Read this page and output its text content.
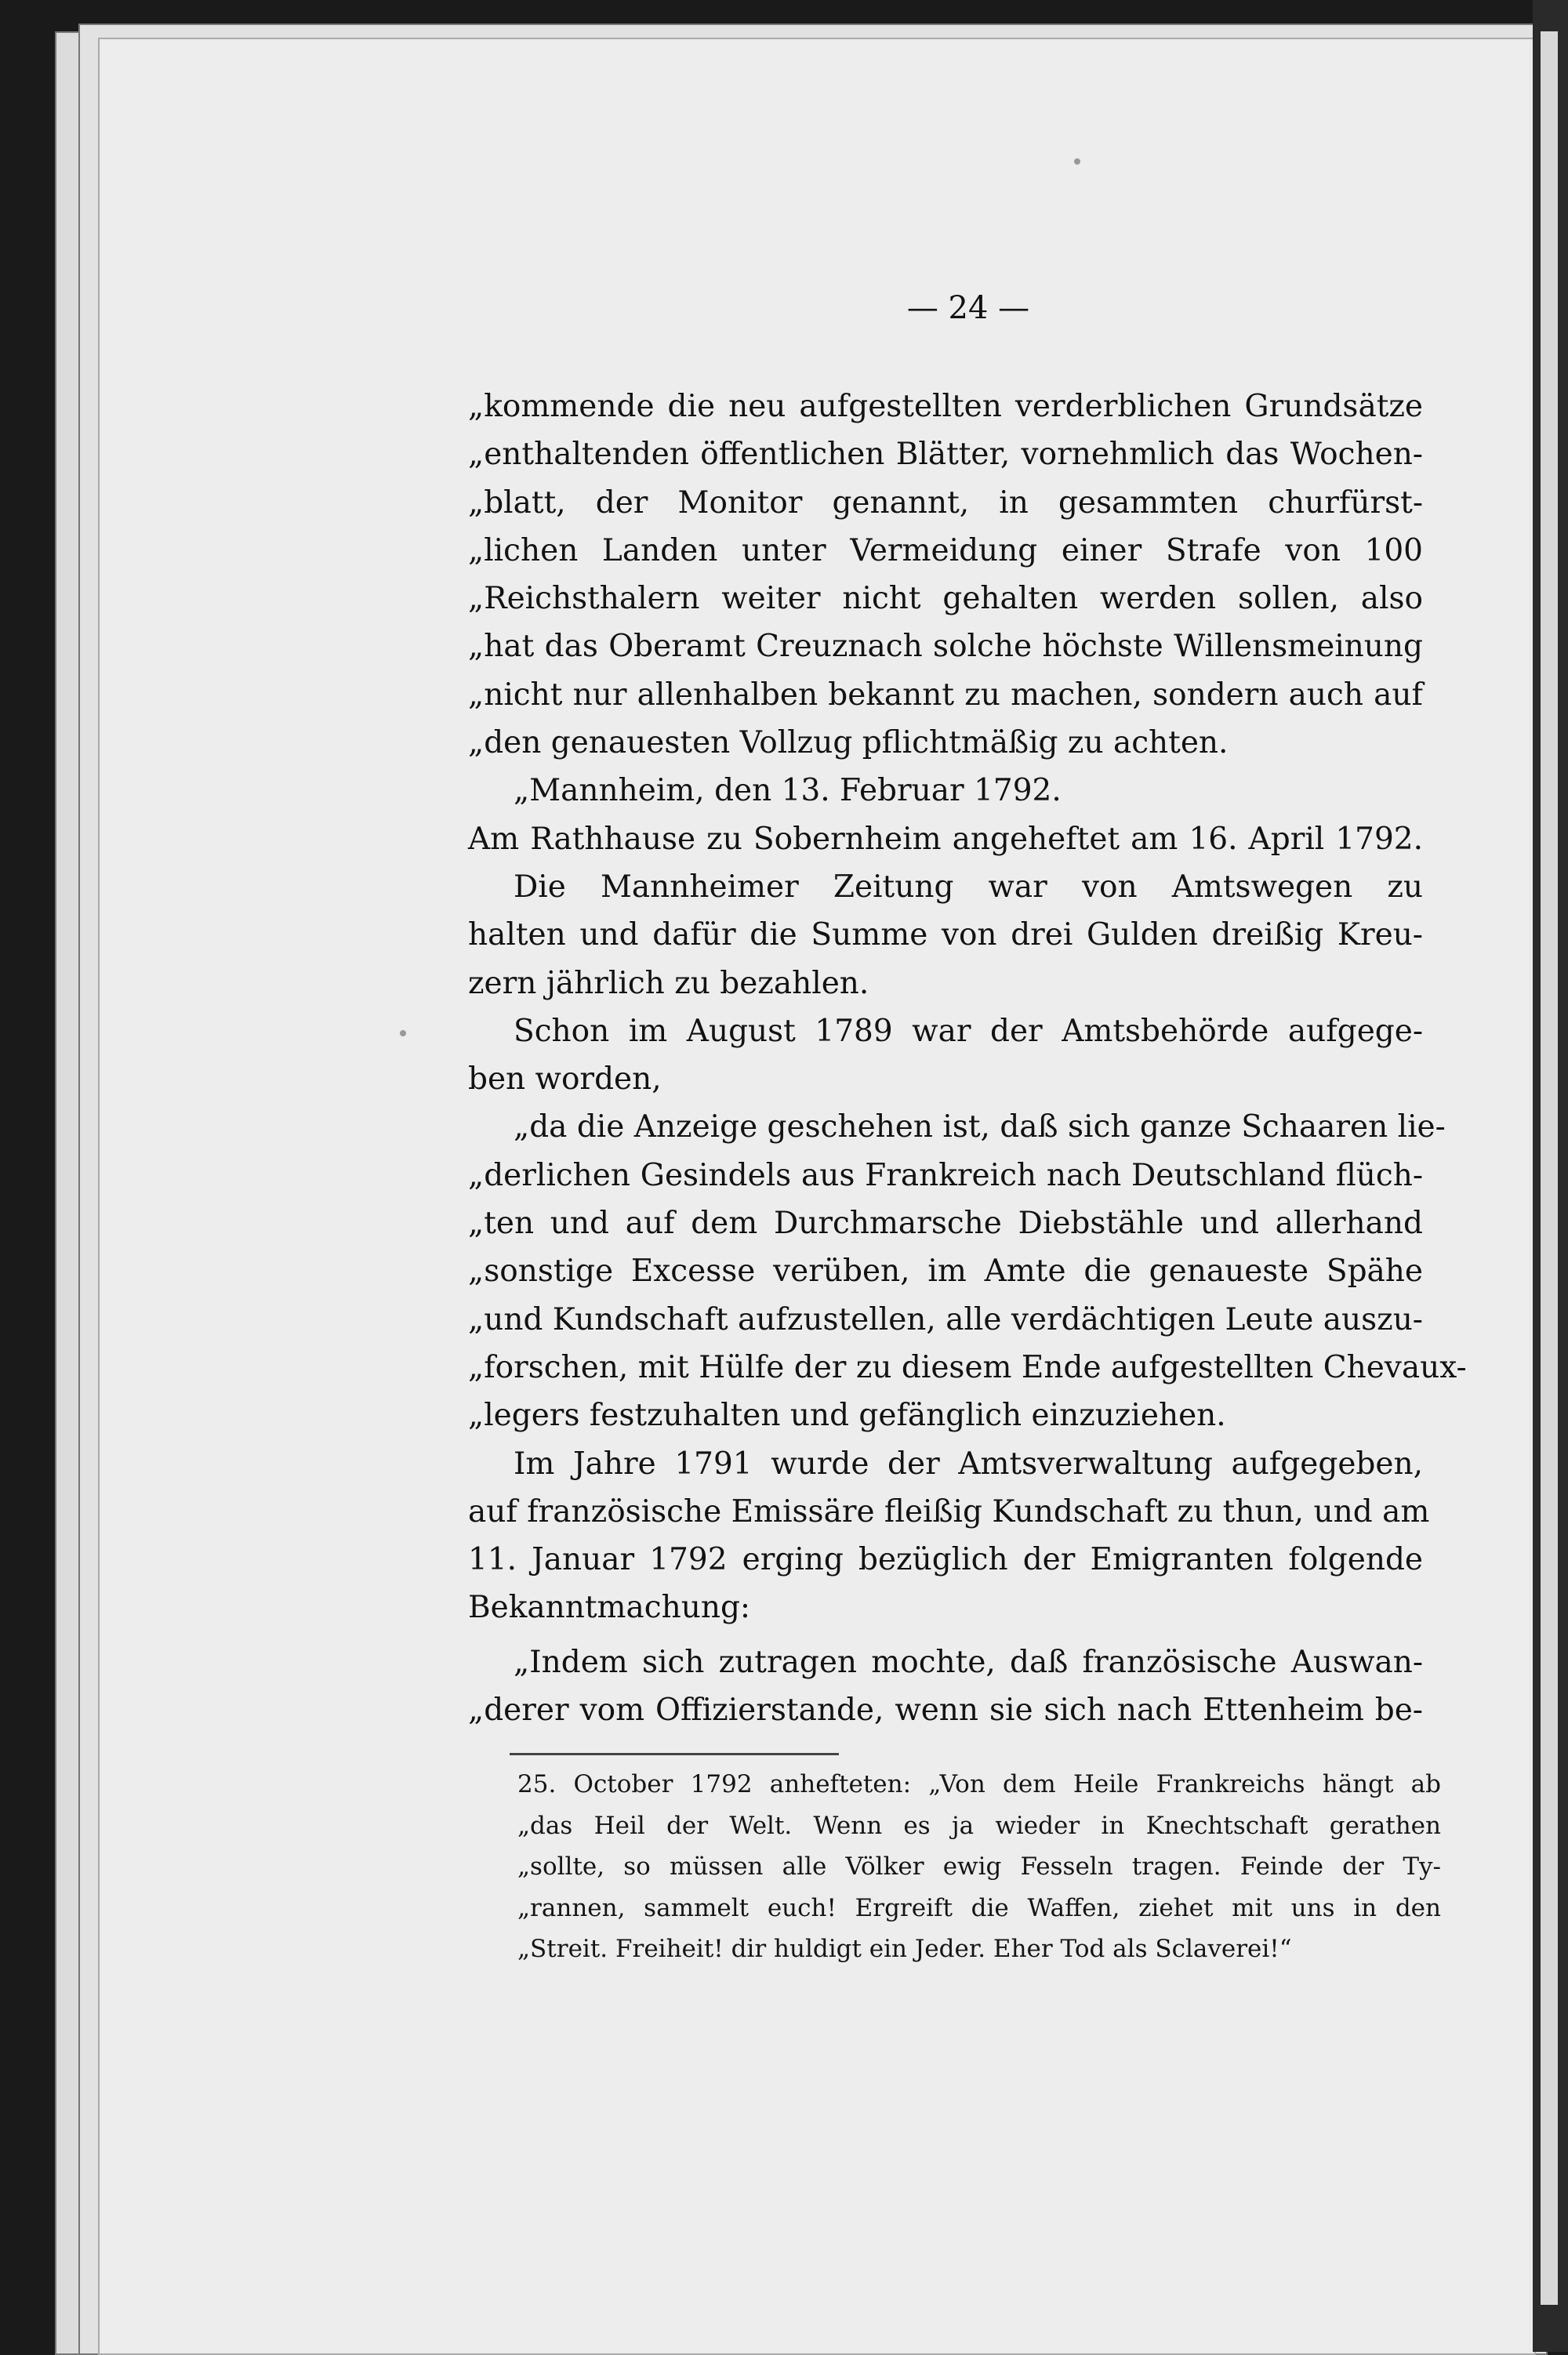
— 24 —
„kommende die neu aufgestellten verderblichen Grundsätze
„enthaltenden öffentlichen Blätter, vornehmlich das Wochen-
„blatt, der Monitor genannt, in gesammten churfürst-
„lichen Landen unter Vermeidung einer Strafe von 100
„Reichsthalern weiter nicht gehalten werden sollen, also
„hat das Oberamt Creuznach solche höchste Willensmeinung
„nicht nur allenhalben bekannt zu machen, sondern auch auf
„den genauesten Vollzug pflichtmäßig zu achten.
„Mannheim, den 13. Februar 1792.
Am Rathhause zu Sobernheim angeheftet am 16. April 1792.
Die Mannheimer Zeitung war von Amtswegen zu
halten und dafür die Summe von drei Gulden dreißig Kreu-
zern jährlich zu bezahlen.
Schon im August 1789 war der Amtsbehörde aufgege-
ben worden,
„da die Anzeige geschehen ist, daß sich ganze Schaaren lie-
„derlichen Gesindels aus Frankreich nach Deutschland flüch-
„ten und auf dem Durchmarsche Diebstähle und allerhand
„sonstige Excesse verüben, im Amte die genaueste Spähe
„und Kundschaft aufzustellen, alle verdächtigen Leute auszu-
„forschen, mit Hülfe der zu diesem Ende aufgestellten Chevaux-
„legers festzuhalten und gefänglich einzuziehen.
Im Jahre 1791 wurde der Amtsverwaltung aufgegeben,
auf französische Emissäre fleißig Kundschaft zu thun, und am
11. Januar 1792 erging bezüglich der Emigranten folgende
Bekanntmachung:
„Indem sich zutragen mochte, daß französische Auswan-
„derer vom Offizierstande, wenn sie sich nach Ettenheim be-
25. October 1792 anhefteten: „Von dem Heile Frankreichs hängt ab
„das Heil der Welt. Wenn es ja wieder in Knechtschaft gerathen
„sollte, so müssen alle Völker ewig Fesseln tragen. Feinde der Ty-
„rannen, sammelt euch! Ergreift die Waffen, ziehet mit uns in den
„Streit. Freiheit! dir huldigt ein Jeder. Eher Tod als Sclaverei!“
